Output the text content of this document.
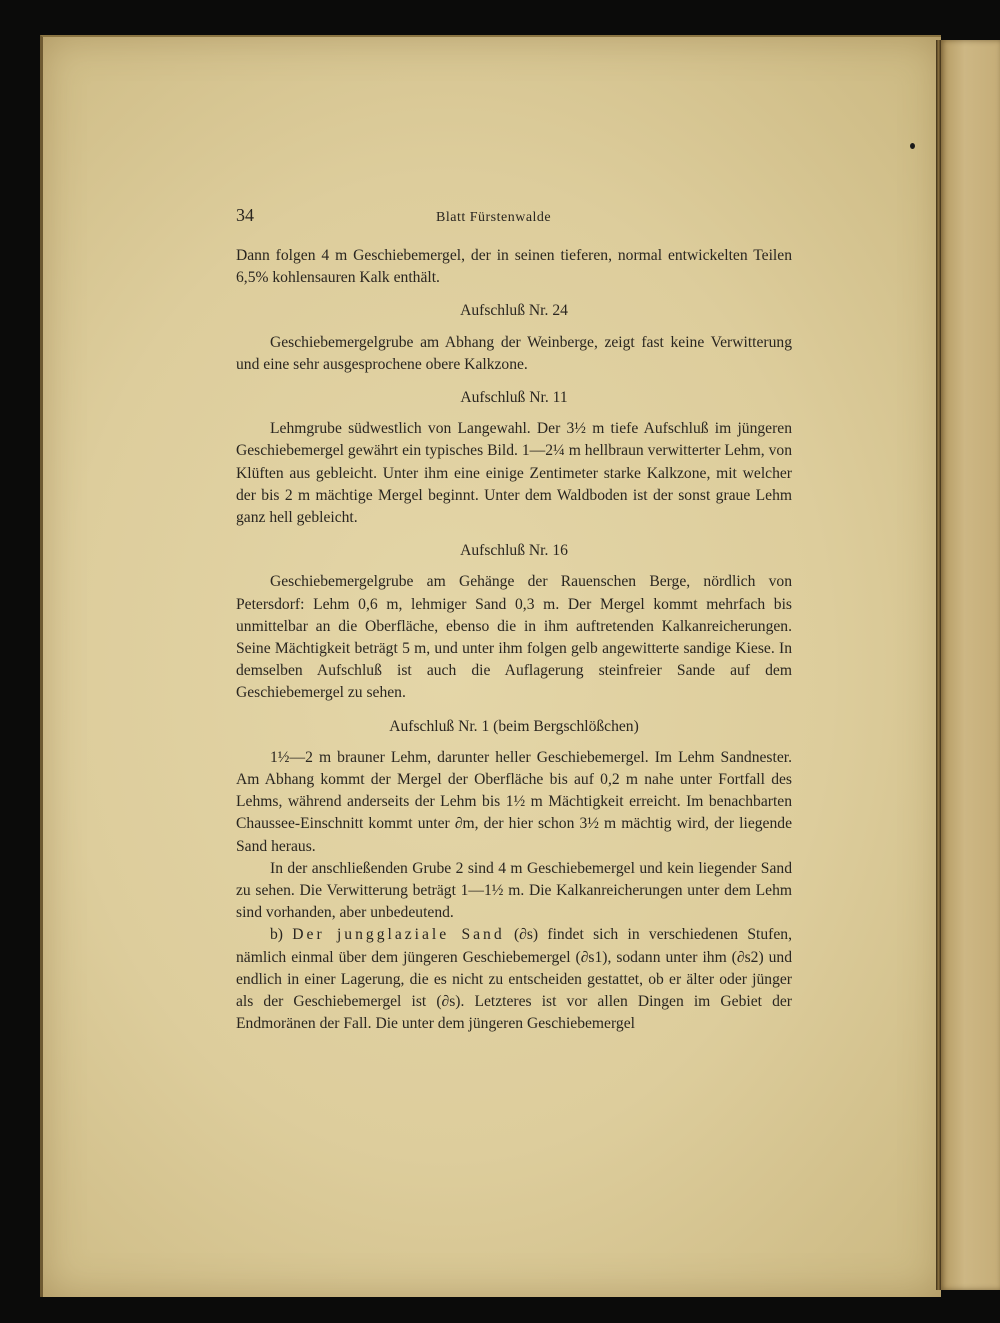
34	Blatt Fürstenwalde

Dann folgen 4 m Geschiebemergel, der in seinen tieferen, normal entwickelten Teilen 6,5% kohlensauren Kalk enthält.

Aufschluß Nr. 24

Geschiebemergelgrube am Abhang der Weinberge, zeigt fast keine Verwitterung und eine sehr ausgesprochene obere Kalkzone.

Aufschluß Nr. 11

Lehmgrube südwestlich von Langewahl. Der 3½ m tiefe Aufschluß im jüngeren Geschiebemergel gewährt ein typisches Bild. 1—2¼ m hellbraun verwitterter Lehm, von Klüften aus gebleicht. Unter ihm eine einige Zentimeter starke Kalkzone, mit welcher der bis 2 m mächtige Mergel beginnt. Unter dem Waldboden ist der sonst graue Lehm ganz hell gebleicht.

Aufschluß Nr. 16

Geschiebemergelgrube am Gehänge der Rauenschen Berge, nördlich von Petersdorf: Lehm 0,6 m, lehmiger Sand 0,3 m. Der Mergel kommt mehrfach bis unmittelbar an die Oberfläche, ebenso die in ihm auftretenden Kalkanreicherungen. Seine Mächtigkeit beträgt 5 m, und unter ihm folgen gelb angewitterte sandige Kiese. In demselben Aufschluß ist auch die Auflagerung steinfreier Sande auf dem Geschiebemergel zu sehen.

Aufschluß Nr. 1 (beim Bergschlößchen)

1½—2 m brauner Lehm, darunter heller Geschiebemergel. Im Lehm Sandnester. Am Abhang kommt der Mergel der Oberfläche bis auf 0,2 m nahe unter Fortfall des Lehms, während anderseits der Lehm bis 1½ m Mächtigkeit erreicht. Im benachbarten Chaussee-Einschnitt kommt unter ∂m, der hier schon 3½ m mächtig wird, der liegende Sand heraus.

In der anschließenden Grube 2 sind 4 m Geschiebemergel und kein liegender Sand zu sehen. Die Verwitterung beträgt 1—1½ m. Die Kalkanreicherungen unter dem Lehm sind vorhanden, aber unbedeutend.

b) Der jungglaziale Sand (∂s) findet sich in verschiedenen Stufen, nämlich einmal über dem jüngeren Geschiebemergel (∂s1), sodann unter ihm (∂s2) und endlich in einer Lagerung, die es nicht zu entscheiden gestattet, ob er älter oder jünger als der Geschiebemergel ist (∂s). Letzteres ist vor allen Dingen im Gebiet der Endmoränen der Fall. Die unter dem jüngeren Geschiebemergel
